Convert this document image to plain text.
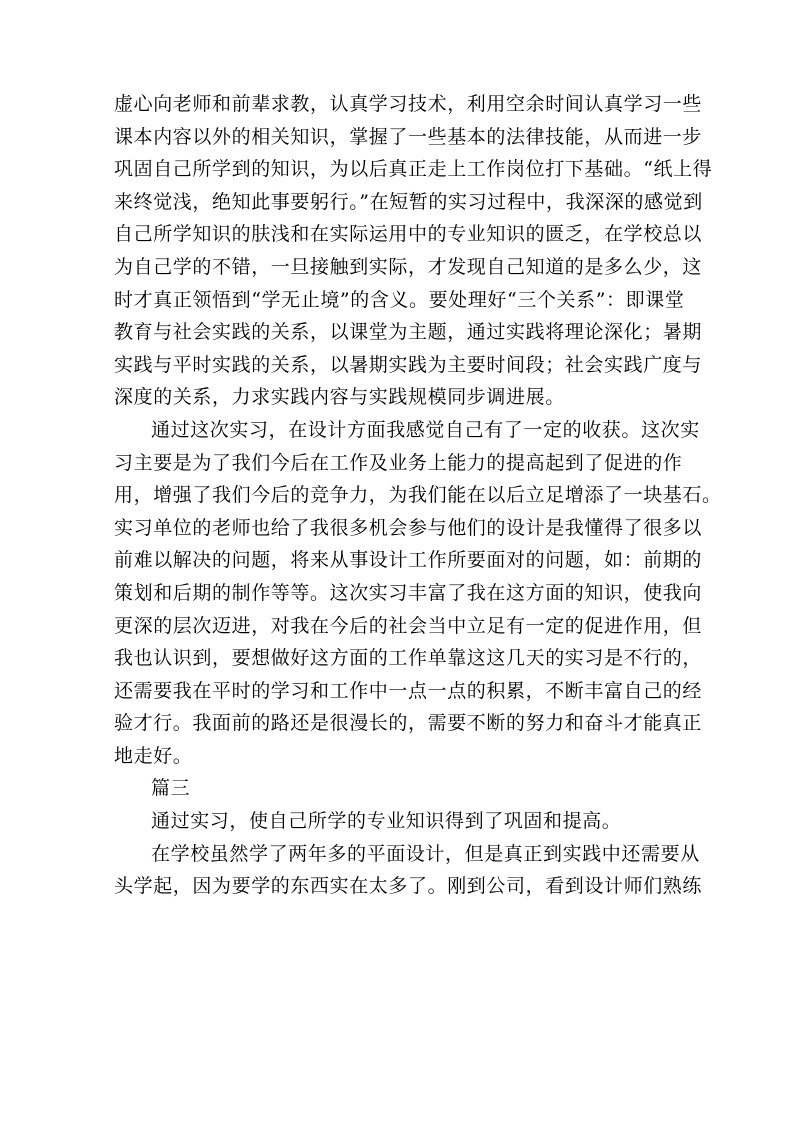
虚心向老师和前辈求教，认真学习技术，利用空余时间认真学习一些
课本内容以外的相关知识，掌握了一些基本的法律技能，从而进一步
巩固自己所学到的知识，为以后真正走上工作岗位打下基础。“纸上得
来终觉浅，绝知此事要躬行。”在短暂的实习过程中，我深深的感觉到
自己所学知识的肤浅和在实际运用中的专业知识的匮乏，在学校总以
为自己学的不错，一旦接触到实际，才发现自己知道的是多么少，这
时才真正领悟到“学无止境”的含义。要处理好“三个关系”：即课堂
教育与社会实践的关系，以课堂为主题，通过实践将理论深化；暑期
实践与平时实践的关系，以暑期实践为主要时间段；社会实践广度与
深度的关系，力求实践内容与实践规模同步调进展。
通过这次实习，在设计方面我感觉自己有了一定的收获。这次实
习主要是为了我们今后在工作及业务上能力的提高起到了促进的作
用，增强了我们今后的竞争力，为我们能在以后立足增添了一块基石。
实习单位的老师也给了我很多机会参与他们的设计是我懂得了很多以
前难以解决的问题，将来从事设计工作所要面对的问题，如：前期的
策划和后期的制作等等。这次实习丰富了我在这方面的知识，使我向
更深的层次迈进，对我在今后的社会当中立足有一定的促进作用，但
我也认识到，要想做好这方面的工作单靠这这几天的实习是不行的，
还需要我在平时的学习和工作中一点一点的积累，不断丰富自己的经
验才行。我面前的路还是很漫长的，需要不断的努力和奋斗才能真正
地走好。
篇三
通过实习，使自己所学的专业知识得到了巩固和提高。
在学校虽然学了两年多的平面设计，但是真正到实践中还需要从
头学起，因为要学的东西实在太多了。刚到公司，看到设计师们熟练
